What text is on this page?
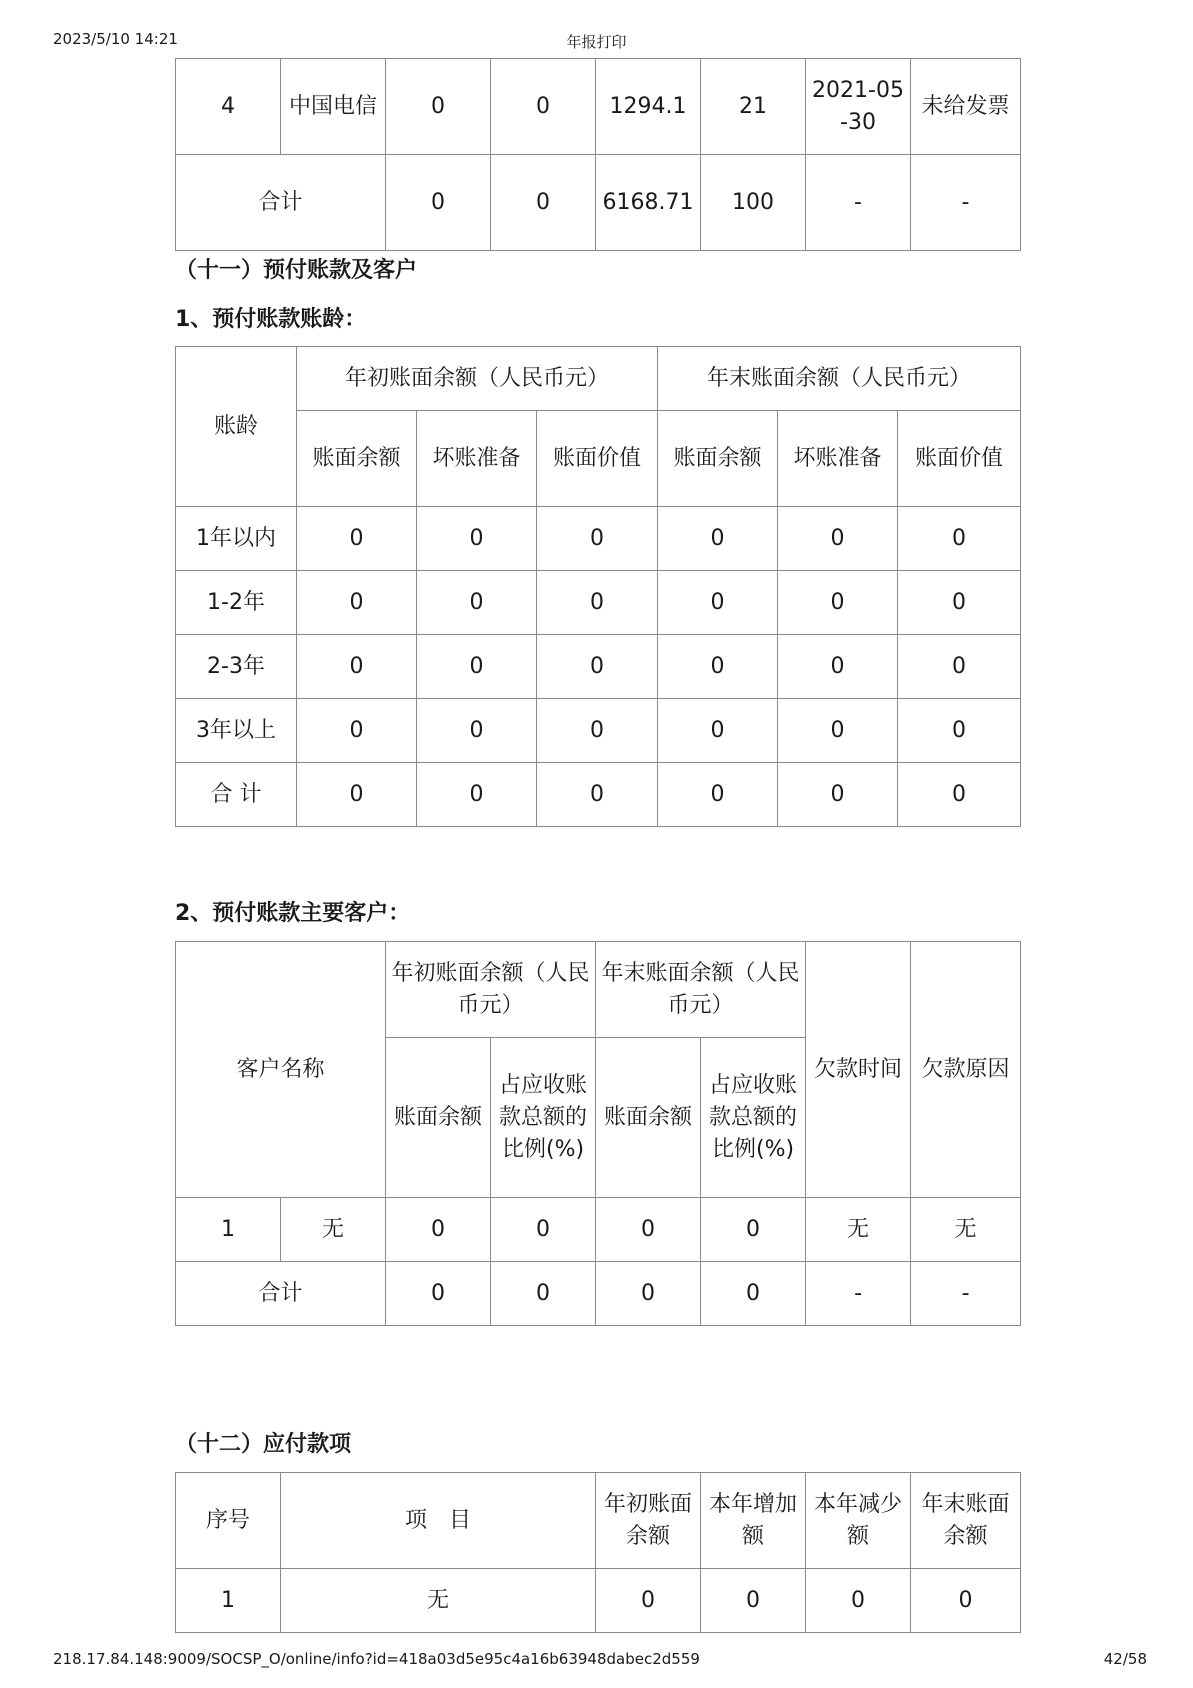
2023/5/10 14:21	年报打印
4	中国电信	0	0	1294.1	21	2021-05-30	未给发票
合计		0	0	6168.71	100	-	-
（十一）预付账款及客户
1、预付账款账龄：
账龄	年初账面余额（人民币元）			年末账面余额（人民币元）		
	账面余额	坏账准备	账面价值	账面余额	坏账准备	账面价值
1年以内	0	0	0	0	0	0
1-2年	0	0	0	0	0	0
2-3年	0	0	0	0	0	0
3年以上	0	0	0	0	0	0
合 计	0	0	0	0	0	0
2、预付账款主要客户：
客户名称		年初账面余额（人民币元）		年末账面余额（人民币元）		欠款时间	欠款原因
		账面余额	占应收账款总额的比例(%)	账面余额	占应收账款总额的比例(%)		
1	无	0	0	0	0	无	无
合计		0	0	0	0	-	-
（十二）应付款项
序号	项　目	年初账面余额	本年增加额	本年减少额	年末账面余额
1	无	0	0	0	0
218.17.84.148:9009/SOCSP_O/online/info?id=418a03d5e95c4a16b63948dabec2d559	42/58
